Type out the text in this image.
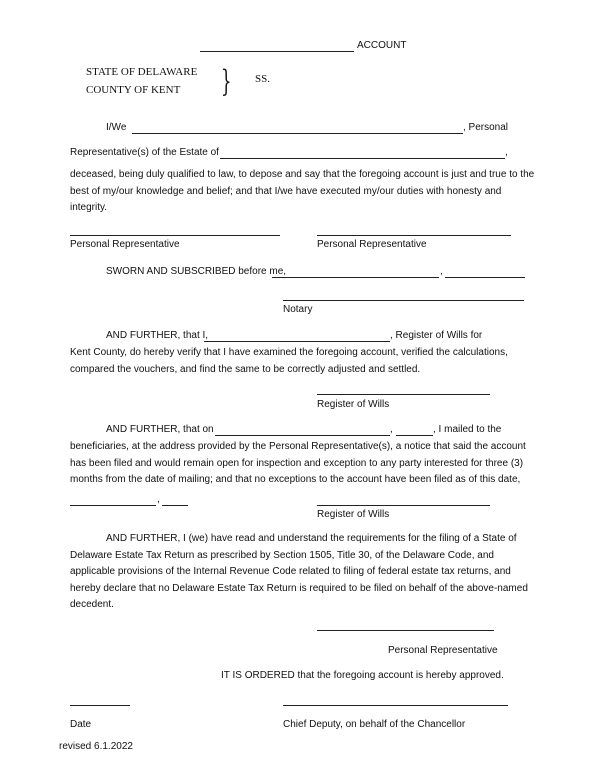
ACCOUNT
STATE OF DELAWARE
COUNTY OF KENT } SS.
I/We	, Personal
Representative(s) of the Estate of	,
deceased, being duly qualified to law, to depose and say that the foregoing account is just and true to the best of my/our knowledge and belief; and that I/we have executed my/our duties with honesty and integrity.
Personal Representative	Personal Representative
SWORN AND SUBSCRIBED before me,	,
Notary
AND FURTHER, that I,	, Register of Wills for
Kent County, do hereby verify that I have examined the foregoing account, verified the calculations, compared the vouchers, and find the same to be correctly adjusted and settled.
Register of Wills
AND FURTHER, that on	,	, I mailed to the
beneficiaries, at the address provided by the Personal Representative(s), a notice that said the account has been filed and would remain open for inspection and exception to any party interested for three (3) months from the date of mailing; and that no exceptions to the account have been filed as of this date,
,
Register of Wills
AND FURTHER, I (we) have read and understand the requirements for the filing of a State of Delaware Estate Tax Return as prescribed by Section 1505, Title 30, of the Delaware Code, and applicable provisions of the Internal Revenue Code related to filing of federal estate tax returns, and hereby declare that no Delaware Estate Tax Return is required to be filed on behalf of the above-named decedent.
Personal Representative
IT IS ORDERED that the foregoing account is hereby approved.
Date	Chief Deputy, on behalf of the Chancellor
revised 6.1.2022
